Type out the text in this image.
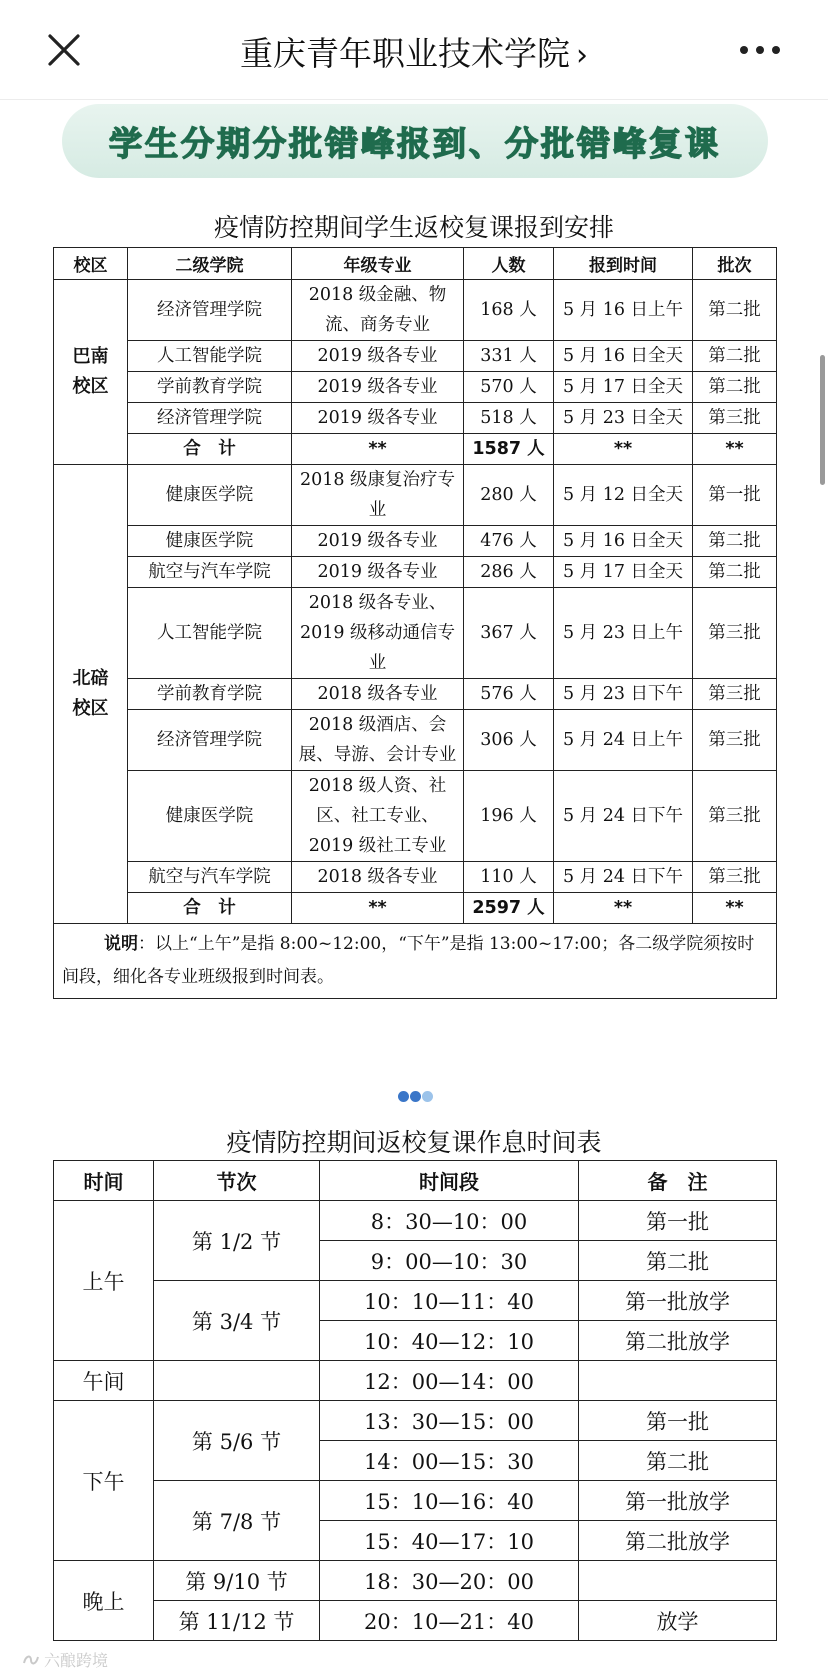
重庆青年职业技术学院 ›
学生分期分批错峰报到、分批错峰复课
疫情防控期间学生返校复课报到安排
校区	二级学院	年级专业	人数	报到时间	批次
巴南校区	经济管理学院	2018 级金融、物流、商务专业	168 人	5 月 16 日上午	第二批
	人工智能学院	2019 级各专业	331 人	5 月 16 日全天	第二批
	学前教育学院	2019 级各专业	570 人	5 月 17 日全天	第二批
	经济管理学院	2019 级各专业	518 人	5 月 23 日全天	第三批
	合　计	**	1587 人	**	**
北碚校区	健康医学院	2018 级康复治疗专业	280 人	5 月 12 日全天	第一批
	健康医学院	2019 级各专业	476 人	5 月 16 日全天	第二批
	航空与汽车学院	2019 级各专业	286 人	5 月 17 日全天	第二批
	人工智能学院	2018 级各专业、2019 级移动通信专业	367 人	5 月 23 日上午	第三批
	学前教育学院	2018 级各专业	576 人	5 月 23 日下午	第三批
	经济管理学院	2018 级酒店、会展、导游、会计专业	306 人	5 月 24 日上午	第三批
	健康医学院	2018 级人资、社区、社工专业、2019 级社工专业	196 人	5 月 24 日下午	第三批
	航空与汽车学院	2018 级各专业	110 人	5 月 24 日下午	第三批
	合　计	**	2597 人	**	**
说明：以上“上午”是指 8:00~12:00，“下午”是指 13:00~17:00；各二级学院须按时间段，细化各专业班级报到时间表。					
疫情防控期间返校复课作息时间表
时间	节次	时间段	备　注
上午	第 1/2 节	8：30—10：00	第一批
		9：00—10：30	第二批
	第 3/4 节	10：10—11：40	第一批放学
		10：40—12：10	第二批放学
午间		12：00—14：00	
下午	第 5/6 节	13：30—15：00	第一批
		14：00—15：30	第二批
	第 7/8 节	15：10—16：40	第一批放学
		15：40—17：10	第二批放学
晚上	第 9/10 节	18：30—20：00	
	第 11/12 节	20：10—21：40	放学
六酿跨境
